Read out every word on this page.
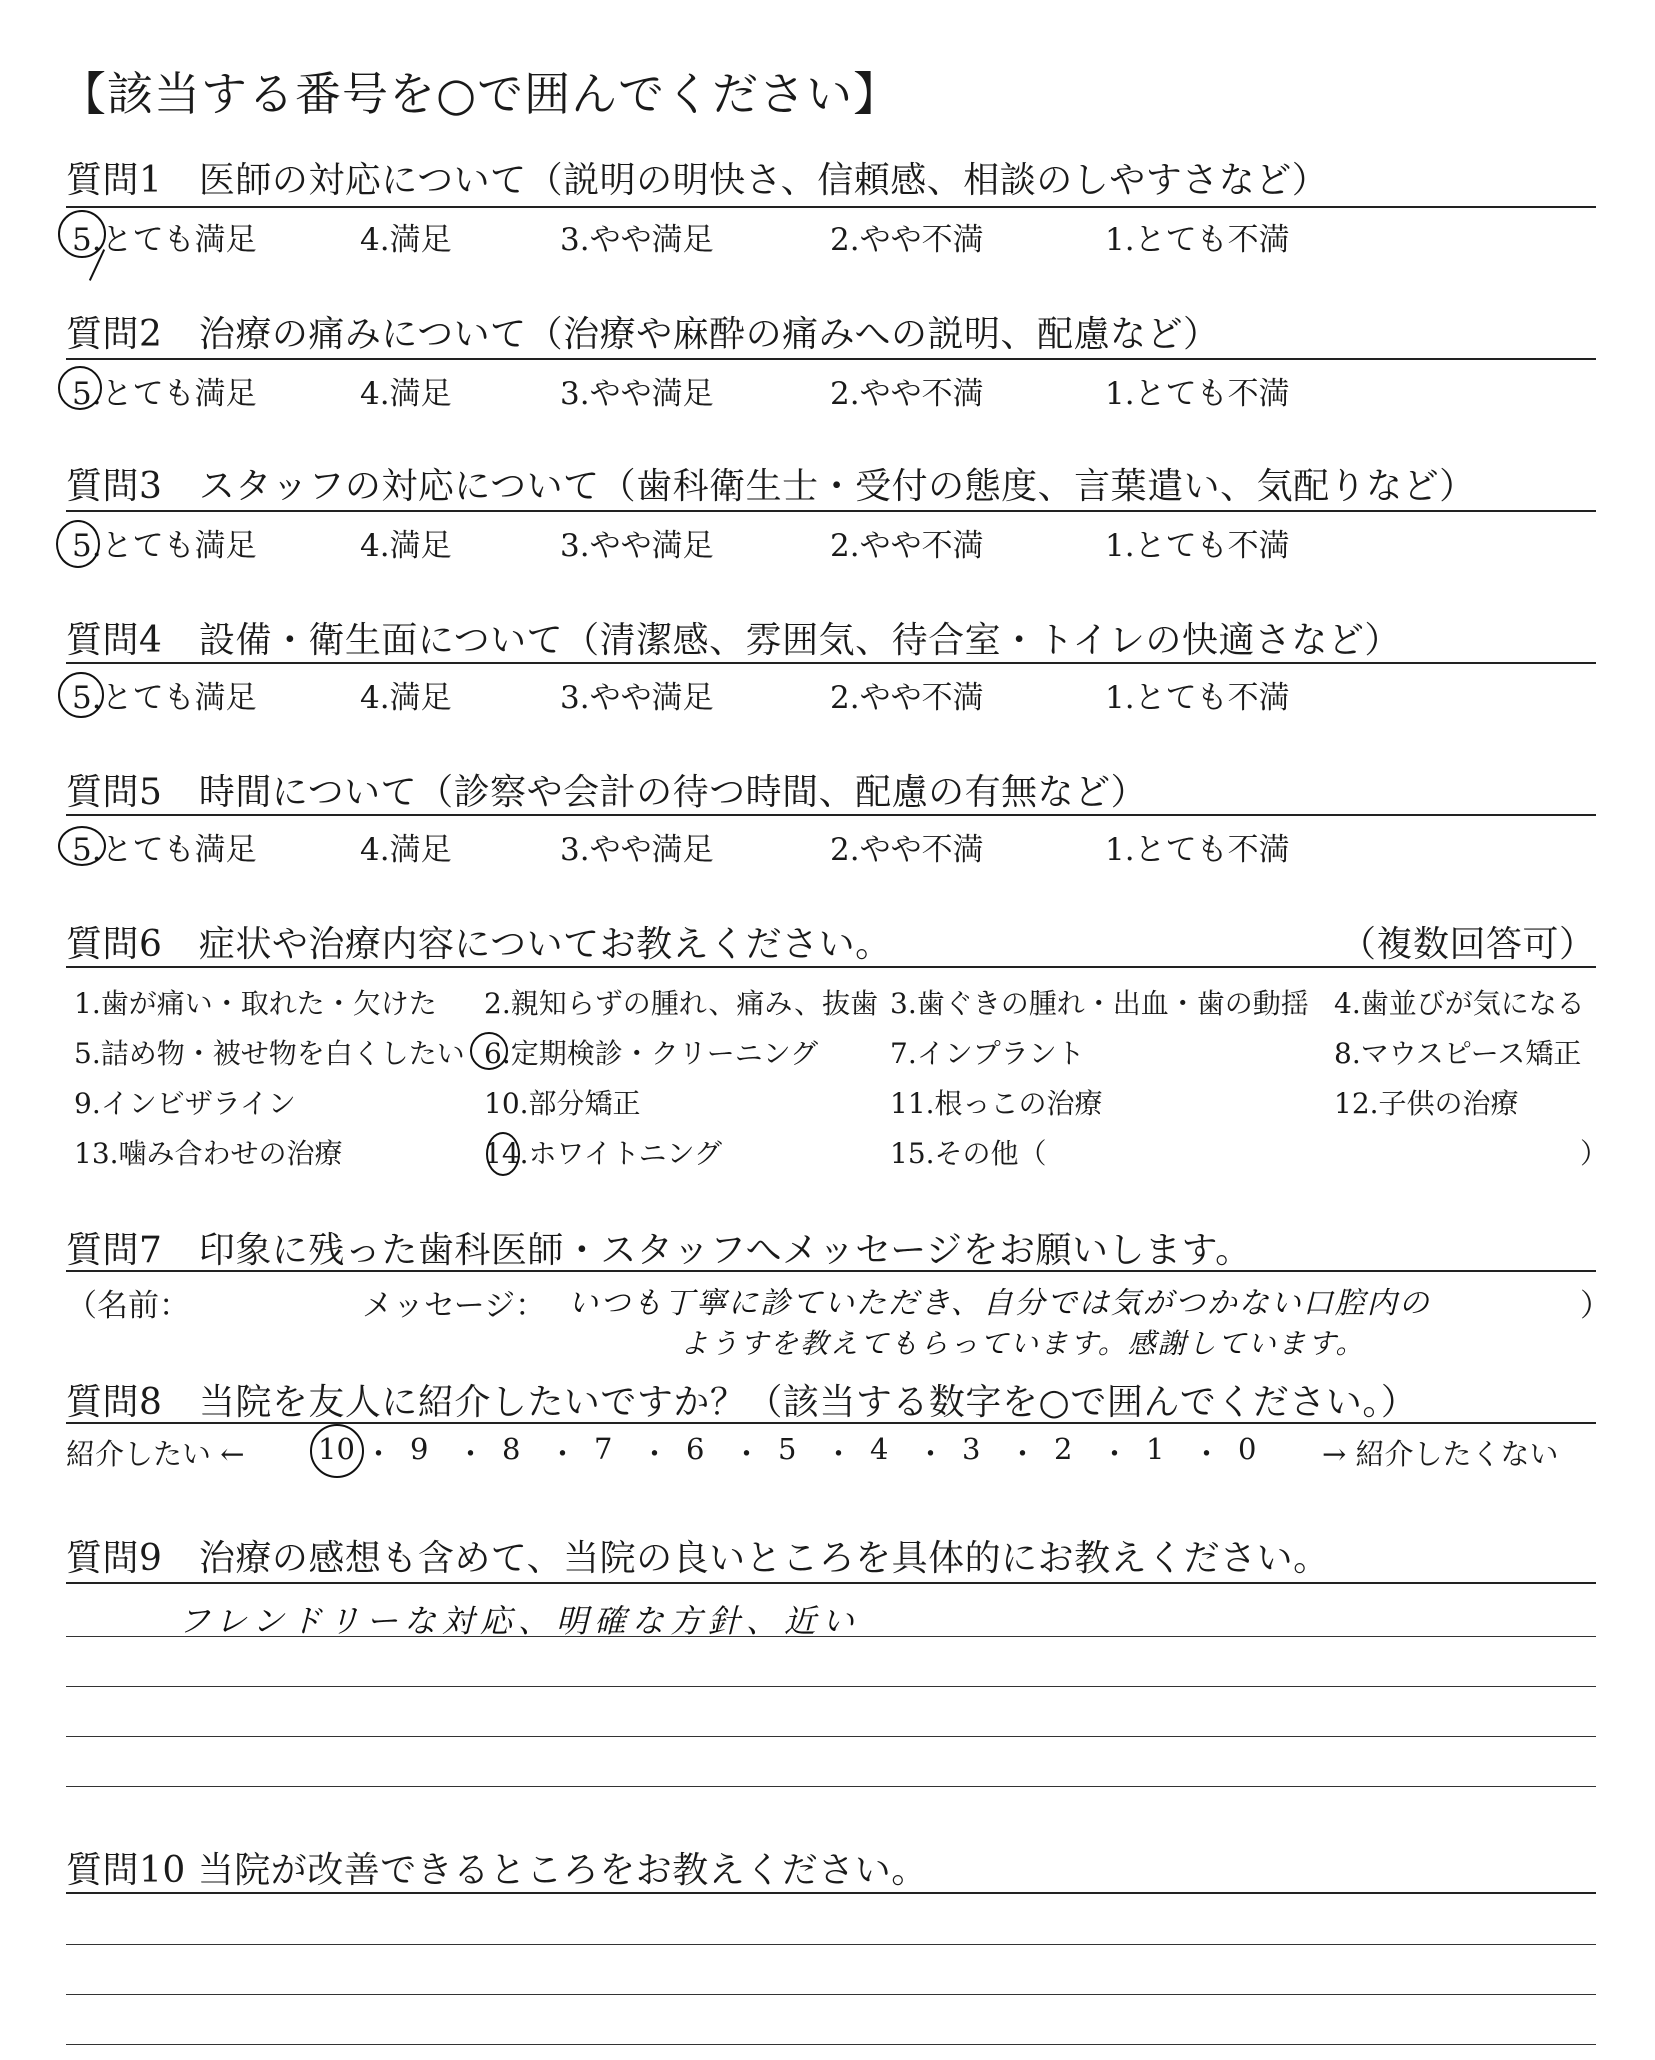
【該当する番号を○で囲んでください】
質問1　医師の対応について（説明の明快さ、信頼感、相談のしやすさなど）
5.とても満足	4.満足	3.やや満足	2.やや不満	1.とても不満
質問2　治療の痛みについて（治療や麻酔の痛みへの説明、配慮など）
5.とても満足	4.満足	3.やや満足	2.やや不満	1.とても不満
質問3　スタッフの対応について（歯科衛生士・受付の態度、言葉遣い、気配りなど）
5.とても満足	4.満足	3.やや満足	2.やや不満	1.とても不満
質問4　設備・衛生面について（清潔感、雰囲気、待合室・トイレの快適さなど）
5.とても満足	4.満足	3.やや満足	2.やや不満	1.とても不満
質問5　時間について（診察や会計の待つ時間、配慮の有無など）
5.とても満足	4.満足	3.やや満足	2.やや不満	1.とても不満
質問6　症状や治療内容についてお教えください。	（複数回答可）
1.歯が痛い・取れた・欠けた 2.親知らずの腫れ、痛み、抜歯 3.歯ぐきの腫れ・出血・歯の動揺 4.歯並びが気になる
5.詰め物・被せ物を白くしたい 6.定期検診・クリーニング	7.インプラント	8.マウスピース矯正
9.インビザライン	10.部分矯正	11.根っこの治療	12.子供の治療
13.噛み合わせの治療	14.ホワイトニング	15.その他（	）
質問7　印象に残った歯科医師・スタッフへメッセージをお願いします。
（名前：	メッセージ：	）
いつも丁寧に診ていただき、自分では気がつかない口腔内の
ようすを教えてもらっています。感謝しています。
質問8　当院を友人に紹介したいですか？（該当する数字を○で囲んでください。）
紹介したい ←	10 ・ 9 ・ 8 ・ 7 ・ 6 ・ 5 ・ 4 ・ 3 ・ 2 ・ 1 ・ 0 → 紹介したくない
質問9　治療の感想も含めて、当院の良いところを具体的にお教えください。
フレンドリーな対応、明確な方針、近い
質問10 当院が改善できるところをお教えください。
